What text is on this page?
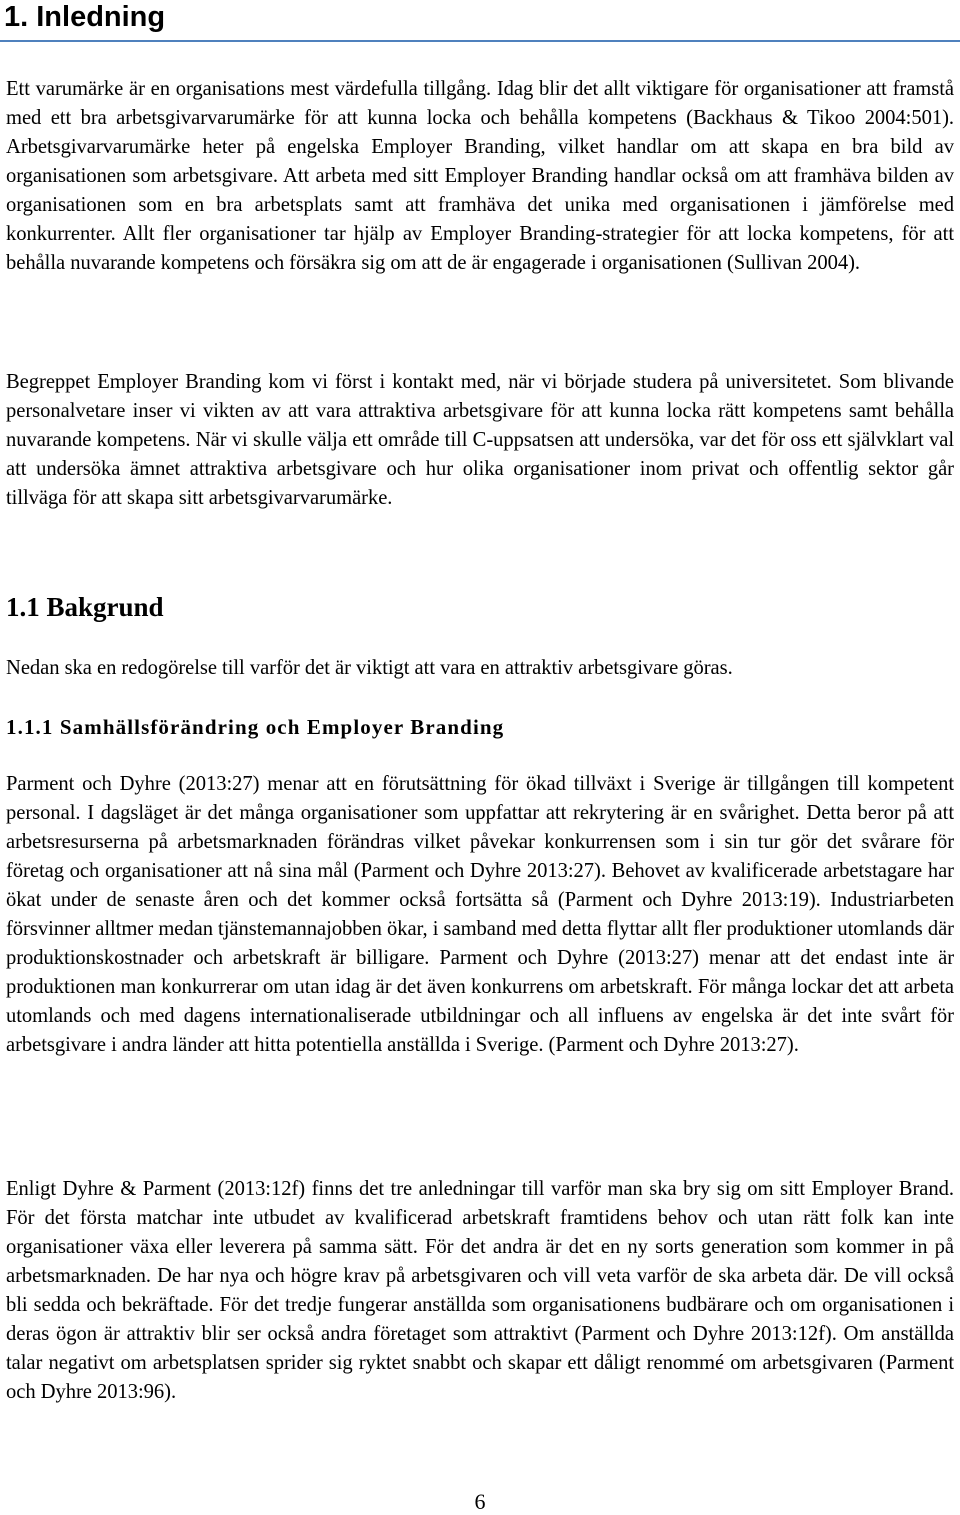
1. Inledning

Ett varumärke är en organisations mest värdefulla tillgång. Idag blir det allt viktigare för organisationer att framstå med ett bra arbetsgivarvarumärke för att kunna locka och behålla kompetens (Backhaus & Tikoo 2004:501). Arbetsgivarvarumärke heter på engelska Employer Branding, vilket handlar om att skapa en bra bild av organisationen som arbetsgivare. Att arbeta med sitt Employer Branding handlar också om att framhäva bilden av organisationen som en bra arbetsplats samt att framhäva det unika med organisationen i jämförelse med konkurrenter. Allt fler organisationer tar hjälp av Employer Branding-strategier för att locka kompetens, för att behålla nuvarande kompetens och försäkra sig om att de är engagerade i organisationen (Sullivan 2004).

Begreppet Employer Branding kom vi först i kontakt med, när vi började studera på universitetet. Som blivande personalvetare inser vi vikten av att vara attraktiva arbetsgivare för att kunna locka rätt kompetens samt behålla nuvarande kompetens. När vi skulle välja ett område till C-uppsatsen att undersöka, var det för oss ett självklart val att undersöka ämnet attraktiva arbetsgivare och hur olika organisationer inom privat och offentlig sektor går tillväga för att skapa sitt arbetsgivarvarumärke.

1.1 Bakgrund

Nedan ska en redogörelse till varför det är viktigt att vara en attraktiv arbetsgivare göras.

1.1.1 Samhällsförändring och Employer Branding

Parment och Dyhre (2013:27) menar att en förutsättning för ökad tillväxt i Sverige är tillgången till kompetent personal. I dagsläget är det många organisationer som uppfattar att rekrytering är en svårighet. Detta beror på att arbetsresurserna på arbetsmarknaden förändras vilket påvekar konkurrensen som i sin tur gör det svårare för företag och organisationer att nå sina mål (Parment och Dyhre 2013:27). Behovet av kvalificerade arbetstagare har ökat under de senaste åren och det kommer också fortsätta så (Parment och Dyhre 2013:19). Industriarbeten försvinner alltmer medan tjänstemannajobben ökar, i samband med detta flyttar allt fler produktioner utomlands där produktionskostnader och arbetskraft är billigare. Parment och Dyhre (2013:27) menar att det endast inte är produktionen man konkurrerar om utan idag är det även konkurrens om arbetskraft. För många lockar det att arbeta utomlands och med dagens internationaliserade utbildningar och all influens av engelska är det inte svårt för arbetsgivare i andra länder att hitta potentiella anställda i Sverige. (Parment och Dyhre 2013:27).

Enligt Dyhre & Parment (2013:12f) finns det tre anledningar till varför man ska bry sig om sitt Employer Brand. För det första matchar inte utbudet av kvalificerad arbetskraft framtidens behov och utan rätt folk kan inte organisationer växa eller leverera på samma sätt. För det andra är det en ny sorts generation som kommer in på arbetsmarknaden. De har nya och högre krav på arbetsgivaren och vill veta varför de ska arbeta där. De vill också bli sedda och bekräftade. För det tredje fungerar anställda som organisationens budbärare och om organisationen i deras ögon är attraktiv blir ser också andra företaget som attraktivt (Parment och Dyhre 2013:12f). Om anställda talar negativt om arbetsplatsen sprider sig ryktet snabbt och skapar ett dåligt renommé om arbetsgivaren (Parment och Dyhre 2013:96).

6
